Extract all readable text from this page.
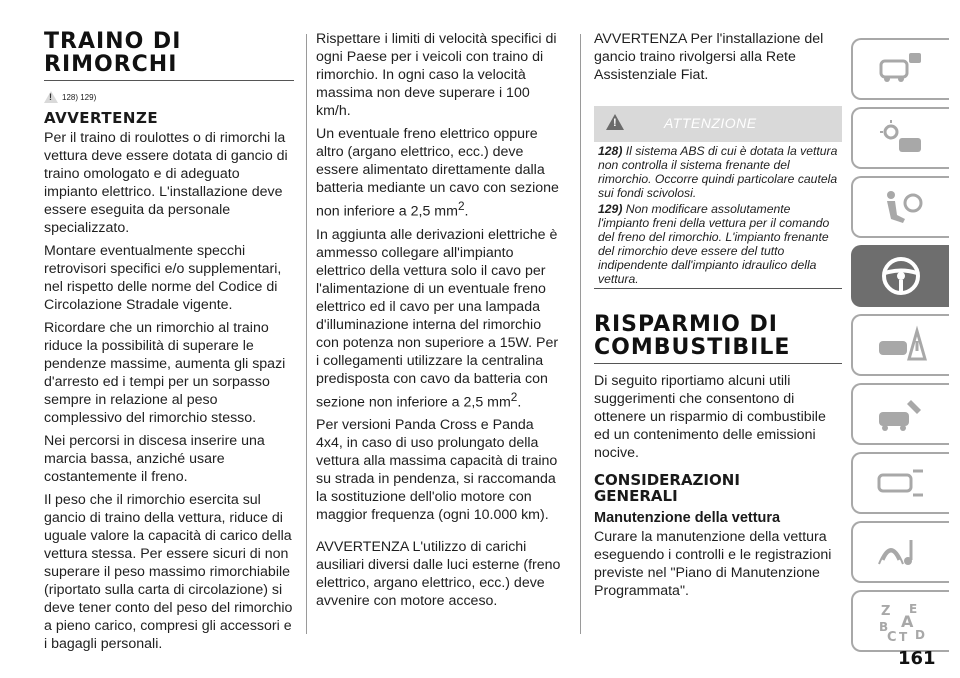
TRAINO DI
RIMORCHI
!
128) 129)
AVVERTENZE

Per il traino di roulottes o di rimorchi la vettura deve essere dotata di gancio di traino omologato e di adeguato impianto elettrico. L'installazione deve essere eseguita da personale specializzato.

Montare eventualmente specchi retrovisori specifici e/o supplementari, nel rispetto delle norme del Codice di Circolazione Stradale vigente.

Ricordare che un rimorchio al traino riduce la possibilità di superare le pendenze massime, aumenta gli spazi d'arresto ed i tempi per un sorpasso sempre in relazione al peso complessivo del rimorchio stesso.

Nei percorsi in discesa inserire una marcia bassa, anziché usare costantemente il freno.

Il peso che il rimorchio esercita sul gancio di traino della vettura, riduce di uguale valore la capacità di carico della vettura stessa. Per essere sicuri di non superare il peso massimo rimorchiabile (riportato sulla carta di circolazione) si deve tener conto del peso del rimorchio a pieno carico, compresi gli accessori e i bagagli personali.

Rispettare i limiti di velocità specifici di ogni Paese per i veicoli con traino di rimorchio. In ogni caso la velocità massima non deve superare i 100 km/h.

Un eventuale freno elettrico oppure altro (argano elettrico, ecc.) deve essere alimentato direttamente dalla batteria mediante un cavo con sezione non inferiore a 2,5 $mm^2$.

In aggiunta alle derivazioni elettriche è ammesso collegare all'impianto elettrico della vettura solo il cavo per l'alimentazione di un eventuale freno elettrico ed il cavo per una lampada d'illuminazione interna del rimorchio con potenza non superiore a 15W. Per i collegamenti utilizzare la centralina predisposta con cavo da batteria con sezione non inferiore a 2,5 $mm^2$.

Per versioni Panda Cross e Panda 4x4, in caso di uso prolungato della vettura alla massima capacità di traino su strada in pendenza, si raccomanda la sostituzione dell'olio motore con maggior frequenza (ogni 10.000 km).

AVVERTENZA L'utilizzo di carichi ausiliari diversi dalle luci esterne (freno elettrico, argano elettrico, ecc.) deve avvenire con motore acceso.

AVVERTENZA Per l'installazione del gancio traino rivolgersi alla Rete Assistenziale Fiat.

!
ATTENZIONE
128) Il sistema ABS di cui è dotata la vettura non controlla il sistema frenante del rimorchio. Occorre quindi particolare cautela sui fondi scivolosi.
129) Non modificare assolutamente l'impianto freni della vettura per il comando del freno del rimorchio. L'impianto frenante del rimorchio deve essere del tutto indipendente dall'impianto idraulico della vettura.
RISPARMIO DI
COMBUSTIBILE

Di seguito riportiamo alcuni utili suggerimenti che consentono di ottenere un risparmio di combustibile ed un contenimento delle emissioni nocive.

CONSIDERAZIONI
GENERALI
Manutenzione della vettura

Curare la manutenzione della vettura eseguendo i controlli e le registrazioni previste nel "Piano di Manutenzione Programmata".

Z E
A
B
C T D
161
